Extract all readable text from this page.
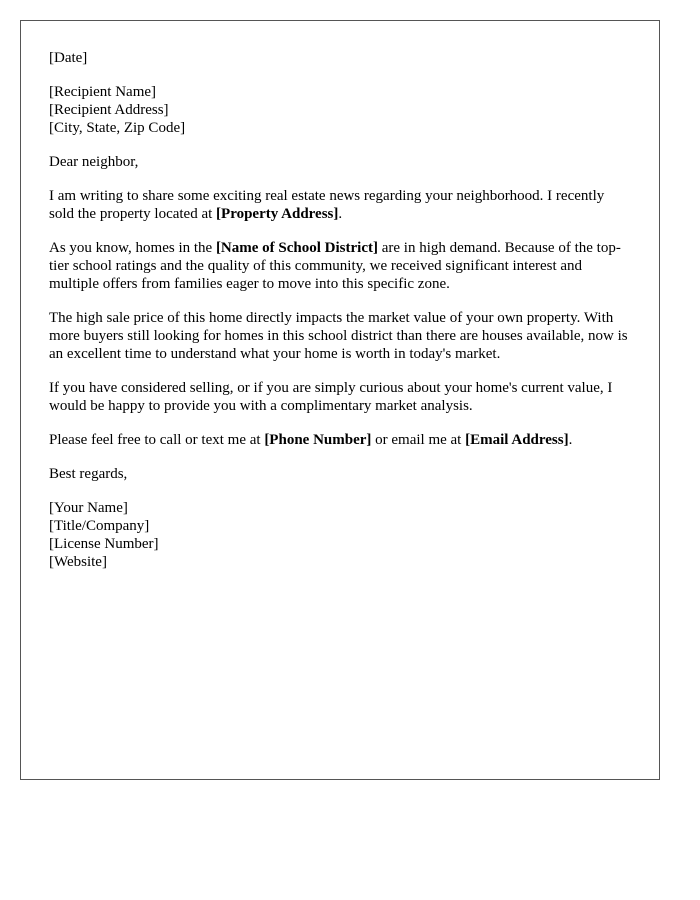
[Date]
[Recipient Name]
[Recipient Address]
[City, State, Zip Code]
Dear neighbor,

I am writing to share some exciting real estate news regarding your neighborhood. I recently sold the property located at [Property Address].

As you know, homes in the [Name of School District] are in high demand. Because of the top-tier school ratings and the quality of this community, we received significant interest and multiple offers from families eager to move into this specific zone.

The high sale price of this home directly impacts the market value of your own property. With more buyers still looking for homes in this school district than there are houses available, now is an excellent time to understand what your home is worth in today's market.

If you have considered selling, or if you are simply curious about your home's current value, I would be happy to provide you with a complimentary market analysis.

Please feel free to call or text me at [Phone Number] or email me at [Email Address].

Best regards,
[Your Name]
[Title/Company]
[License Number]
[Website]
